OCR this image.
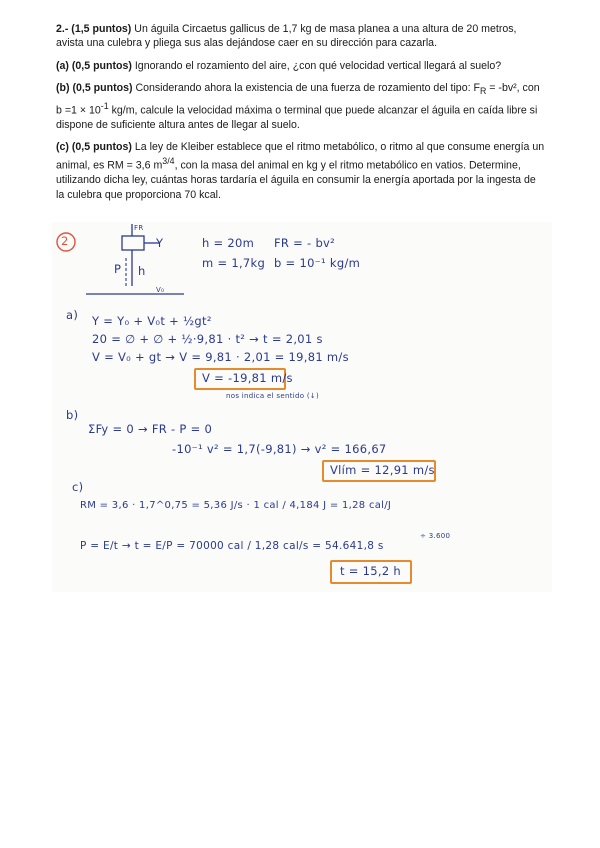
2.- (1,5 puntos) Un águila Circaetus gallicus de 1,7 kg de masa planea a una altura de 20 metros, avista una culebra y pliega sus alas dejándose caer en su dirección para cazarla.

(a) (0,5 puntos) Ignorando el rozamiento del aire, ¿con qué velocidad vertical llegará al suelo?

(b) (0,5 puntos) Considerando ahora la existencia de una fuerza de rozamiento del tipo: $F_R = -bv^2$, con $b =1 \times 10^{-1}$ kg/m, calcule la velocidad máxima o terminal que puede alcanzar el águila en caída libre si dispone de suficiente altura antes de llegar al suelo.

(c) (0,5 puntos) La ley de Kleiber establece que el ritmo metabólico, o ritmo al que consume energía un animal, es RM = 3,6 $m^{3/4}$, con la masa del animal en kg y el ritmo metabólico en vatios. Determine, utilizando dicha ley, cuántas horas tardaría el águila en consumir la energía aportada por la ingesta de la culebra que proporciona 70 kcal.

2
FR
Y
P h
V₀
h = 20m
m = 1,7kg
FR = - bv²
b = 10⁻¹ kg/m
a) Y = Y₀ + V₀t + ½gt²
20 = ∅ + ∅ + ½·9,81 · t² → t = 2,01 s
V = V₀ + gt → V = 9,81 · 2,01 = 19,81 m/s
V = -19,81 m/s
nos indica el sentido (↓)
b)
ΣFy = 0 → FR - P = 0
-10⁻¹ v² = 1,7(-9,81) → v² = 166,67
Vlím = 12,91 m/s
c)
RM = 3,6 · 1,7^0,75 = 5,36 J/s · 1 cal / 4,184 J = 1,28 cal/J
P = E/t → t = E/P = 70000 cal / 1,28 cal/s = 54.641,8 s
÷ 3.600
t = 15,2 h
